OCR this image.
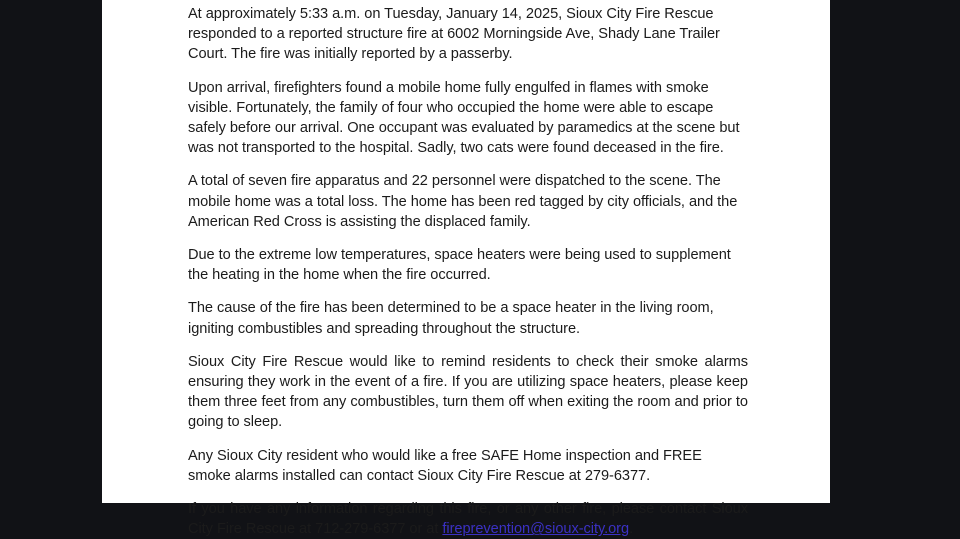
At approximately 5:33 a.m. on Tuesday, January 14, 2025, Sioux City Fire Rescue responded to a reported structure fire at 6002 Morningside Ave, Shady Lane Trailer Court. The fire was initially reported by a passerby.

Upon arrival, firefighters found a mobile home fully engulfed in flames with smoke visible. Fortunately, the family of four who occupied the home were able to escape safely before our arrival. One occupant was evaluated by paramedics at the scene but was not transported to the hospital. Sadly, two cats were found deceased in the fire.

A total of seven fire apparatus and 22 personnel were dispatched to the scene. The mobile home was a total loss. The home has been red tagged by city officials, and the American Red Cross is assisting the displaced family.

Due to the extreme low temperatures, space heaters were being used to supplement the heating in the home when the fire occurred.

The cause of the fire has been determined to be a space heater in the living room, igniting combustibles and spreading throughout the structure.

Sioux City Fire Rescue would like to remind residents to check their smoke alarms ensuring they work in the event of a fire. If you are utilizing space heaters, please keep them three feet from any combustibles, turn them off when exiting the room and prior to going to sleep.

Any Sioux City resident who would like a free SAFE Home inspection and FREE smoke alarms installed can contact Sioux City Fire Rescue at 279-6377.

If you have any information regarding this fire, or any other fire, please contact Sioux City Fire Rescue at 712-279-6377 or at fireprevention@sioux-city.org.
